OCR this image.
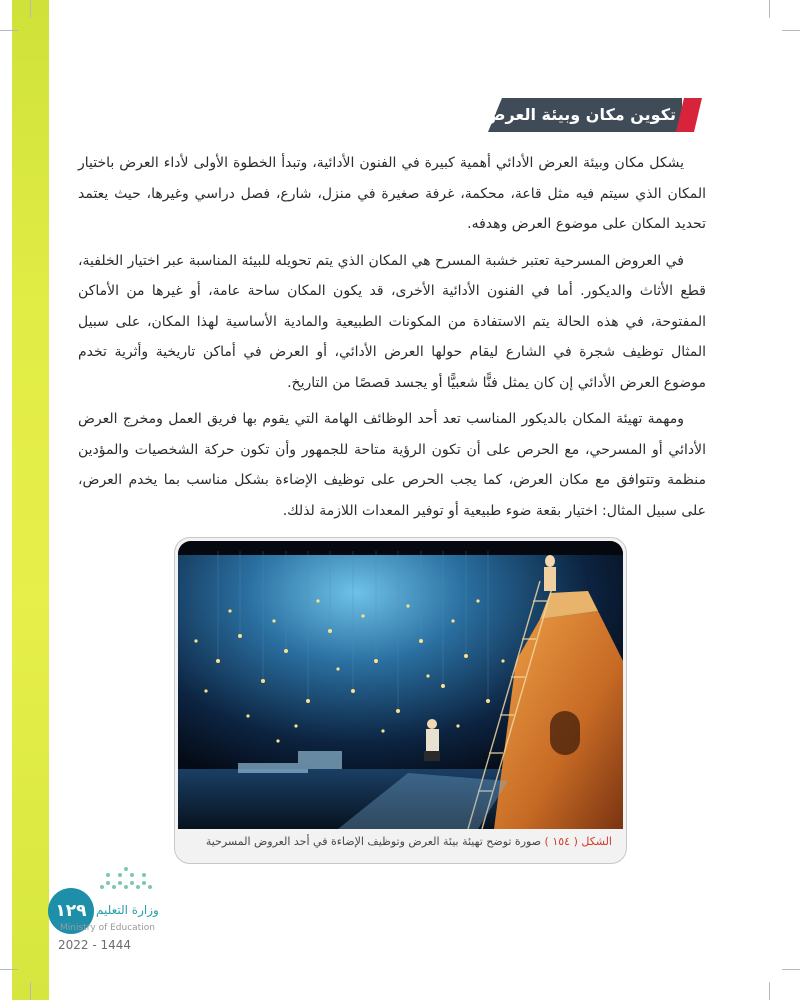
تكوين مكان وبيئة العرض:

يشكل مكان وبيئة العرض الأدائي أهمية كبيرة في الفنون الأدائية، وتبدأ الخطوة الأولى لأداء العرض باختيار المكان الذي سيتم فيه مثل قاعة، محكمة، غرفة صغيرة في منزل، شارع، فصل دراسي وغيرها، حيث يعتمد تحديد المكان على موضوع العرض وهدفه.

في العروض المسرحية تعتبر خشبة المسرح هي المكان الذي يتم تحويله للبيئة المناسبة عبر اختيار الخلفية، قطع الأثاث والديكور. أما في الفنون الأدائية الأخرى، قد يكون المكان ساحة عامة، أو غيرها من الأماكن المفتوحة، في هذه الحالة يتم الاستفادة من المكونات الطبيعية والمادية الأساسية لهذا المكان، على سبيل المثال توظيف شجرة في الشارع ليقام حولها العرض الأدائي، أو العرض في أماكن تاريخية وأثرية تخدم موضوع العرض الأدائي إن كان يمثل فنًّا شعبيًّا أو يجسد قصصًا من التاريخ.

ومهمة تهيئة المكان بالديكور المناسب تعد أحد الوظائف الهامة التي يقوم بها فريق العمل ومخرج العرض الأدائي أو المسرحي، مع الحرص على أن تكون الرؤية متاحة للجمهور وأن تكون حركة الشخصيات والمؤدين منظمة وتتوافق مع مكان العرض، كما يجب الحرص على توظيف الإضاءة بشكل مناسب بما يخدم العرض، على سبيل المثال: اختيار بقعة ضوء طبيعية أو توفير المعدات اللازمة لذلك.

الشكل ( ١٥٤ ) صورة توضح تهيئة بيئة العرض وتوظيف الإضاءة في أحد العروض المسرحية
١٢٩ وزارة التعليم
Ministry of Education
2022 - 1444
